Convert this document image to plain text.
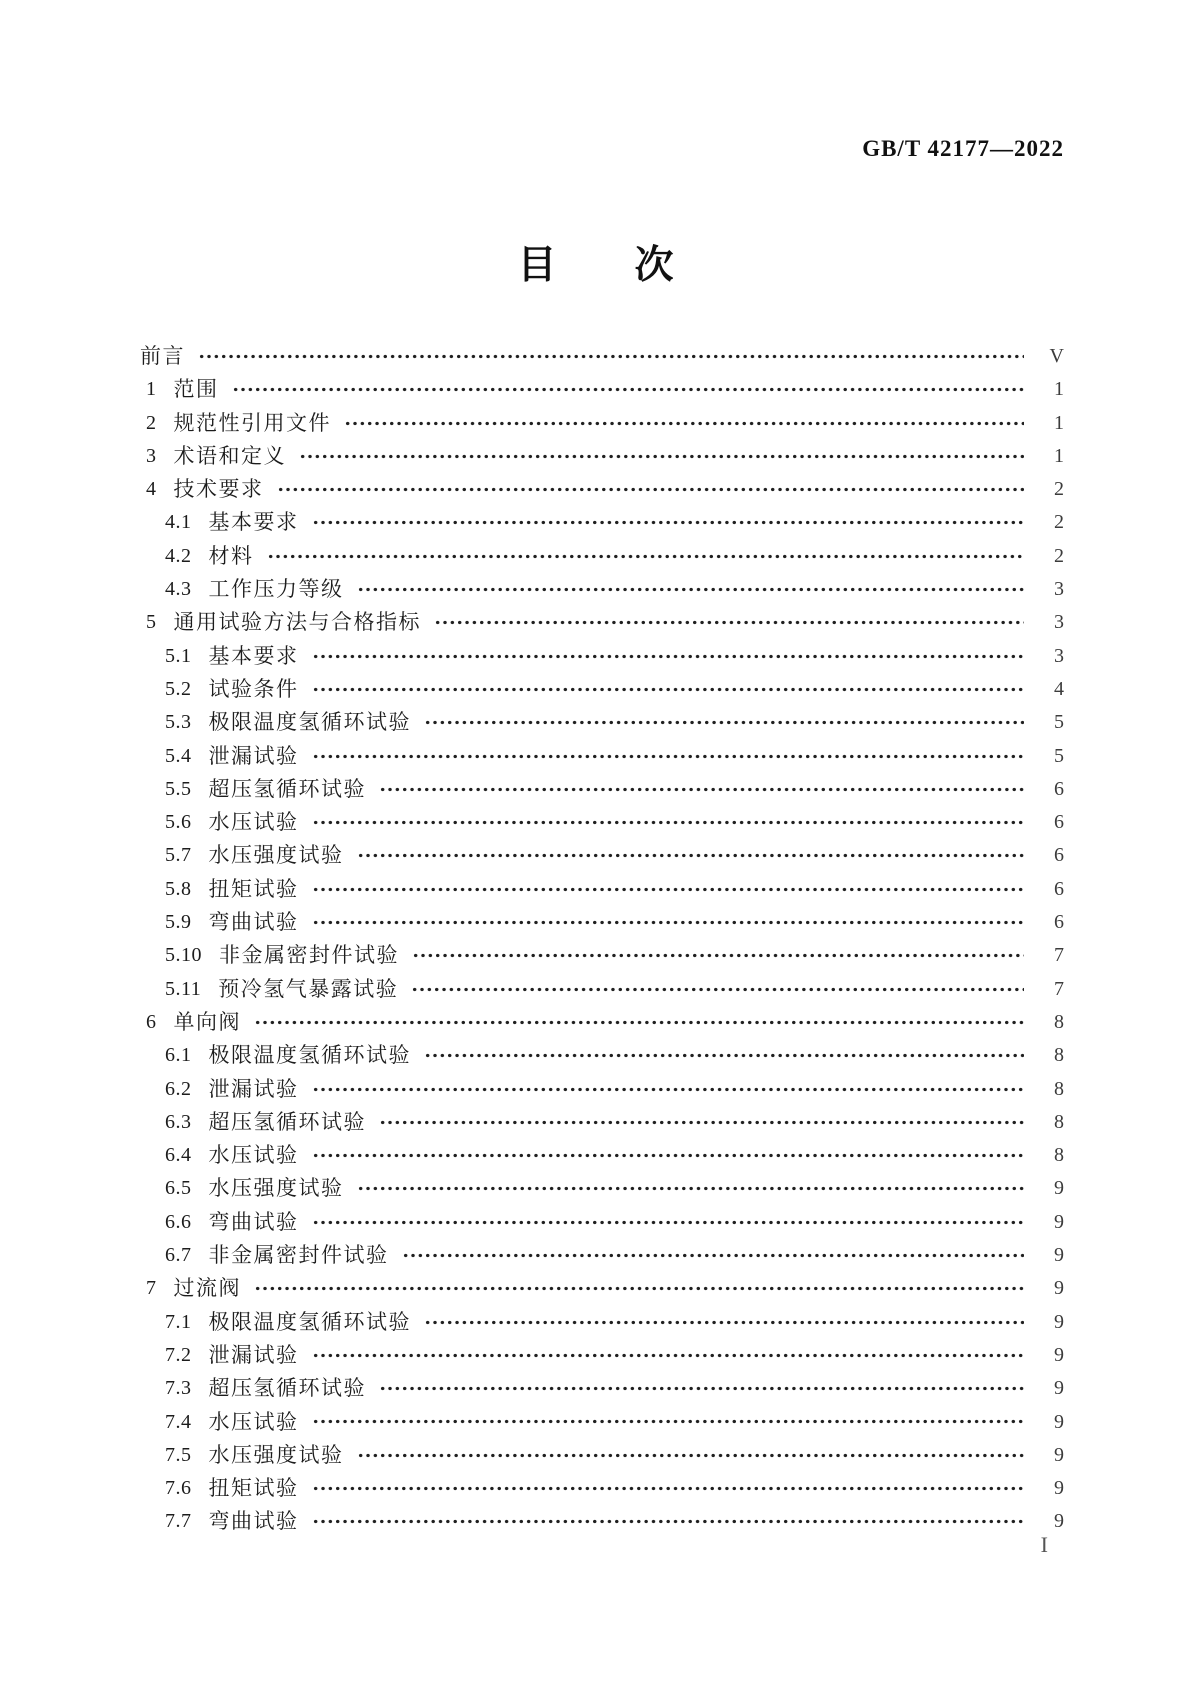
GB/T 42177—2022
目　　次
前言	V
1 范围	1
2 规范性引用文件	1
3 术语和定义	1
4 技术要求	2
4.1 基本要求	2
4.2 材料	2
4.3 工作压力等级	3
5 通用试验方法与合格指标	3
5.1 基本要求	3
5.2 试验条件	4
5.3 极限温度氢循环试验	5
5.4 泄漏试验	5
5.5 超压氢循环试验	6
5.6 水压试验	6
5.7 水压强度试验	6
5.8 扭矩试验	6
5.9 弯曲试验	6
5.10 非金属密封件试验	7
5.11 预冷氢气暴露试验	7
6 单向阀	8
6.1 极限温度氢循环试验	8
6.2 泄漏试验	8
6.3 超压氢循环试验	8
6.4 水压试验	8
6.5 水压强度试验	9
6.6 弯曲试验	9
6.7 非金属密封件试验	9
7 过流阀	9
7.1 极限温度氢循环试验	9
7.2 泄漏试验	9
7.3 超压氢循环试验	9
7.4 水压试验	9
7.5 水压强度试验	9
7.6 扭矩试验	9
7.7 弯曲试验	9
I
